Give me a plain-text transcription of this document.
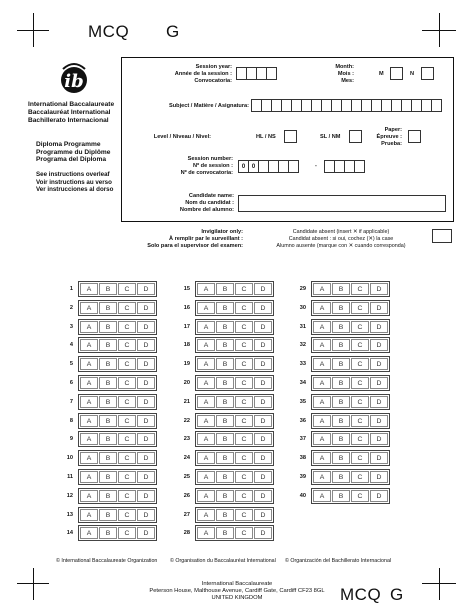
MCQ G
ib
International Baccalaureate
Baccalauréat International
Bachillerato Internacional
Diploma Programme
Programme du Diplôme
Programa del Diploma
See instructions overleaf
Voir instructions au verso
Ver instrucciones al dorso
Session year:
Année de la session :
Convocatoria:
Month:
Mois :
Mes:
M	N
Subject / Matière / Asignatura:
Level / Niveau / Nivel:	HL / NS	SL / NM
Paper:
Épreuve :
Prueba:
Session number:
Nº de session :
Nº de convocatoria:
0	0	-
Candidate name:
Nom du candidat :
Nombre del alumno:
Invigilator only:
À remplir par le surveillant :
Solo para el supervisor del examen:
Candidate absent (insert ✕ if applicable)
Candidat absent : si oui, cochez (✕) la case
Alumno ausente (marque con ✕ cuando corresponda)
1	A	B	C	D
2	A	B	C	D
3	A	B	C	D
4	A	B	C	D
5	A	B	C	D
6	A	B	C	D
7	A	B	C	D
8	A	B	C	D
9	A	B	C	D
10	A	B	C	D
11	A	B	C	D
12	A	B	C	D
13	A	B	C	D
14	A	B	C	D
15	A	B	C	D
16	A	B	C	D
17	A	B	C	D
18	A	B	C	D
19	A	B	C	D
20	A	B	C	D
21	A	B	C	D
22	A	B	C	D
23	A	B	C	D
24	A	B	C	D
25	A	B	C	D
26	A	B	C	D
27	A	B	C	D
28	A	B	C	D
29	A	B	C	D
30	A	B	C	D
31	A	B	C	D
32	A	B	C	D
33	A	B	C	D
34	A	B	C	D
35	A	B	C	D
36	A	B	C	D
37	A	B	C	D
38	A	B	C	D
39	A	B	C	D
40	A	B	C	D
© International Baccalaureate Organization © Organisation du Baccalauréat International © Organización del Bachillerato Internacional
International Baccalaureate
Peterson House, Malthouse Avenue, Cardiff Gate, Cardiff CF23 8GL
UNITED KINGDOM	MCQ G
